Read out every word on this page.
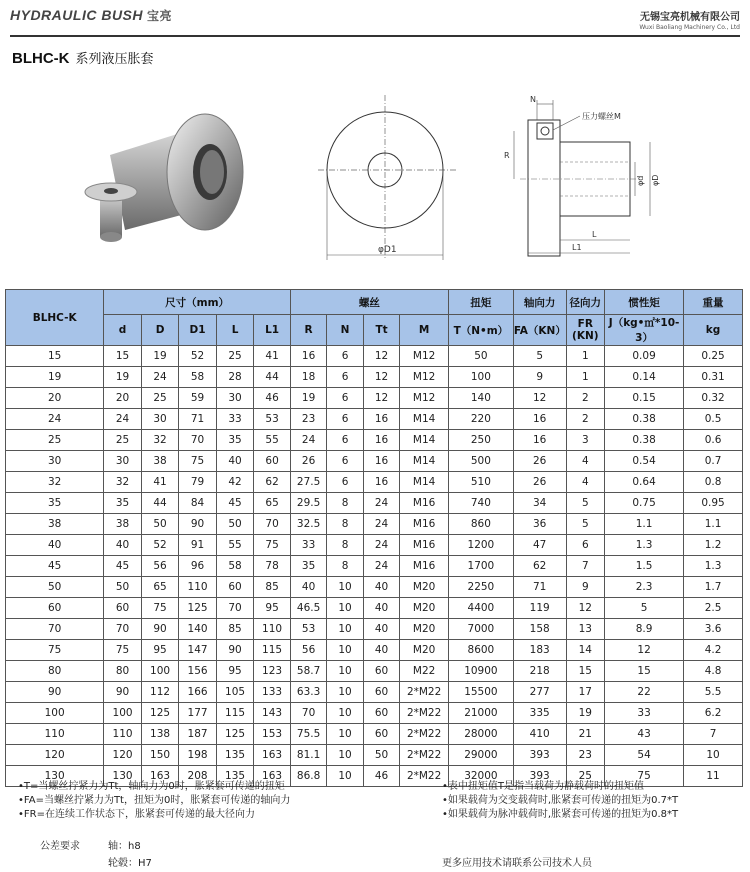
HYDRAULIC BUSH 宝亮	无锡宝亮机械有限公司
Wuxi Baoliang Machinery Co., Ltd
BLHC-K 系列液压胀套
φD1
N
压力螺丝M
R
φd φD
L
L1
BLHC-K	尺寸（mm）					螺丝				扭矩	轴向力	径向力	惯性矩	重量
	d	D	D1	L	L1	R	N	Tt	M	T（N•m）	FA（KN）	FR (KN)	J（kg•㎡*10-3）	kg
15	15	19	52	25	41	16	6	12	M12	50	5	1	0.09	0.25
19	19	24	58	28	44	18	6	12	M12	100	9	1	0.14	0.31
20	20	25	59	30	46	19	6	12	M12	140	12	2	0.15	0.32
24	24	30	71	33	53	23	6	16	M14	220	16	2	0.38	0.5
25	25	32	70	35	55	24	6	16	M14	250	16	3	0.38	0.6
30	30	38	75	40	60	26	6	16	M14	500	26	4	0.54	0.7
32	32	41	79	42	62	27.5	6	16	M14	510	26	4	0.64	0.8
35	35	44	84	45	65	29.5	8	24	M16	740	34	5	0.75	0.95
38	38	50	90	50	70	32.5	8	24	M16	860	36	5	1.1	1.1
40	40	52	91	55	75	33	8	24	M16	1200	47	6	1.3	1.2
45	45	56	96	58	78	35	8	24	M16	1700	62	7	1.5	1.3
50	50	65	110	60	85	40	10	40	M20	2250	71	9	2.3	1.7
60	60	75	125	70	95	46.5	10	40	M20	4400	119	12	5	2.5
70	70	90	140	85	110	53	10	40	M20	7000	158	13	8.9	3.6
75	75	95	147	90	115	56	10	40	M20	8600	183	14	12	4.2
80	80	100	156	95	123	58.7	10	60	M22	10900	218	15	15	4.8
90	90	112	166	105	133	63.3	10	60	2*M22	15500	277	17	22	5.5
100	100	125	177	115	143	70	10	60	2*M22	21000	335	19	33	6.2
110	110	138	187	125	153	75.5	10	60	2*M22	28000	410	21	43	7
120	120	150	198	135	163	81.1	10	50	2*M22	29000	393	23	54	10
130	130	163	208	135	163	86.8	10	46	2*M22	32000	393	25	75	11
•T=当螺丝拧紧力为Tt，轴向力为0时，胀紧套可传递的扭矩
•FA=当螺丝拧紧力为Tt，扭矩为0时，胀紧套可传递的轴向力
•FR=在连续工作状态下，胀紧套可传递的最大径向力
•表中扭矩值T是指当载荷为静载荷时的扭矩值
•如果载荷为交变载荷时,胀紧套可传递的扭矩为0.7*T
•如果载荷为脉冲载荷时,胀紧套可传递的扭矩为0.8*T
公差要求	轴：h8
轮毂：H7	更多应用技术请联系公司技术人员
